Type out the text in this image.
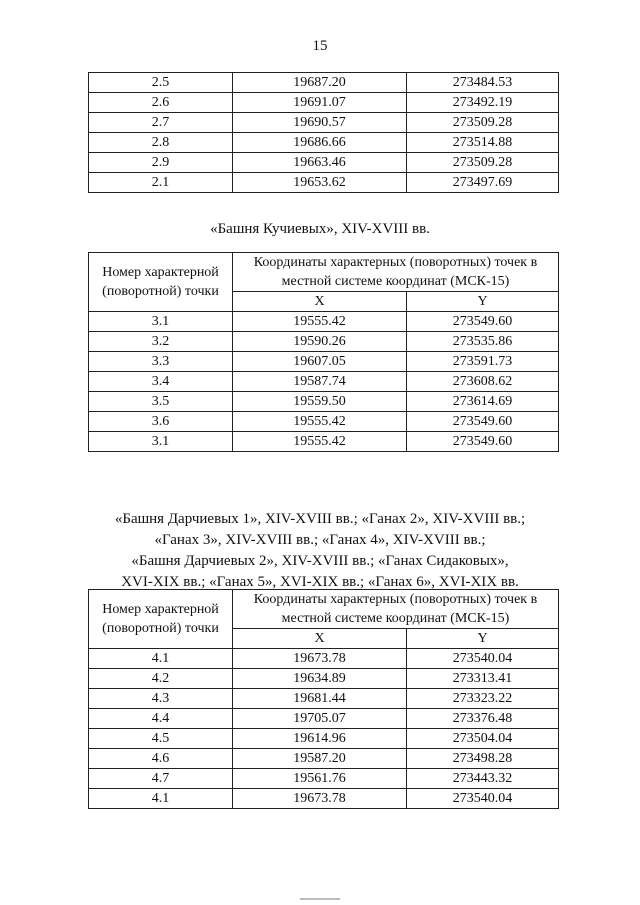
15
2.5	19687.20	273484.53
2.6	19691.07	273492.19
2.7	19690.57	273509.28
2.8	19686.66	273514.88
2.9	19663.46	273509.28
2.1	19653.62	273497.69
«Башня Кучиевых», XIV-XVIII вв.
Номер характерной (поворотной) точки	Координаты характерных (поворотных) точек в местной системе координат (МСК-15)	
	X	Y
3.1	19555.42	273549.60
3.2	19590.26	273535.86
3.3	19607.05	273591.73
3.4	19587.74	273608.62
3.5	19559.50	273614.69
3.6	19555.42	273549.60
3.1	19555.42	273549.60
«Башня Дарчиевых 1», XIV-XVIII вв.; «Ганах 2», XIV-XVIII вв.;
«Ганах 3», XIV-XVIII вв.; «Ганах 4», XIV-XVIII вв.;
«Башня Дарчиевых 2», XIV-XVIII вв.; «Ганах Сидаковых»,
XVI-XIX вв.; «Ганах 5», XVI-XIX вв.; «Ганах 6», XVI-XIX вв.
Номер характерной (поворотной) точки	Координаты характерных (поворотных) точек в местной системе координат (МСК-15)	
	X	Y
4.1	19673.78	273540.04
4.2	19634.89	273313.41
4.3	19681.44	273323.22
4.4	19705.07	273376.48
4.5	19614.96	273504.04
4.6	19587.20	273498.28
4.7	19561.76	273443.32
4.1	19673.78	273540.04
